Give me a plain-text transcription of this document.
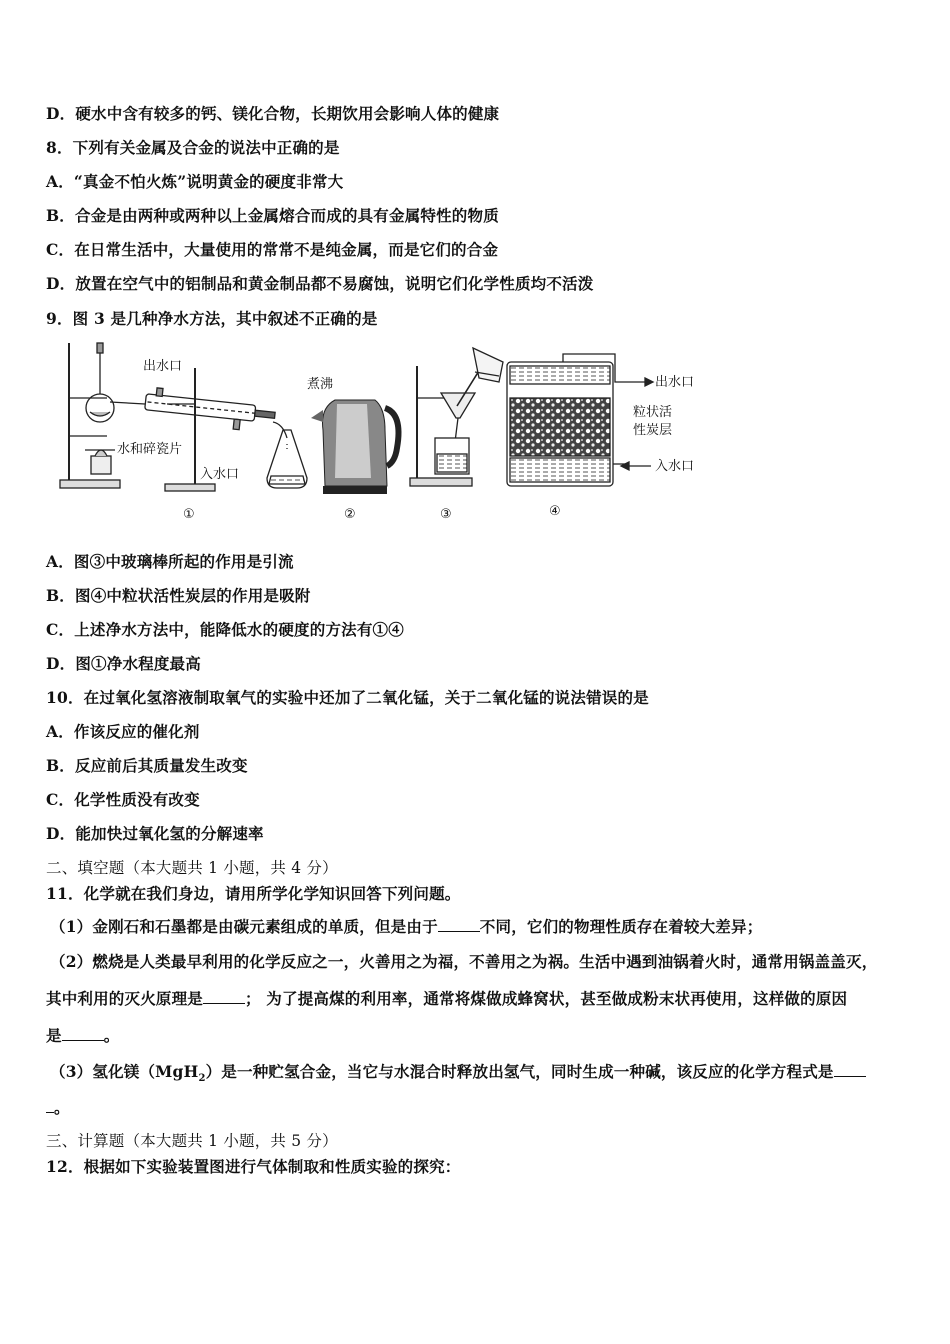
D．硬水中含有较多的钙、镁化合物，长期饮用会影响人体的健康
8．下列有关金属及合金的说法中正确的是
A．“真金不怕火炼”说明黄金的硬度非常大
B．合金是由两种或两种以上金属熔合而成的具有金属特性的物质
C．在日常生活中，大量使用的常常不是纯金属，而是它们的合金
D．放置在空气中的铝制品和黄金制品都不易腐蚀，说明它们化学性质均不活泼
9．图 3 是几种净水方法，其中叙述不正确的是
出水口
水和碎瓷片
入水口
煮沸	出水口
粒状活
性炭层
入水口
①	②	③	④
A．图③中玻璃棒所起的作用是引流
B．图④中粒状活性炭层的作用是吸附
C．上述净水方法中，能降低水的硬度的方法有①④
D．图①净水程度最高
10．在过氧化氢溶液制取氧气的实验中还加了二氧化锰，关于二氧化锰的说法错误的是
A．作该反应的催化剂
B．反应前后其质量发生改变
C．化学性质没有改变
D．能加快过氧化氢的分解速率
二、填空题（本大题共 1 小题，共 4 分）
11．化学就在我们身边，请用所学化学知识回答下列问题。
（1）金刚石和石墨都是由碳元素组成的单质，但是由于	不同，它们的物理性质存在着较大差异；
（2）燃烧是人类最早利用的化学反应之一，火善用之为福，不善用之为祸。生活中遇到油锅着火时，通常用锅盖盖灭，
其中利用的灭火原理是	； 为了提高煤的利用率，通常将煤做成蜂窝状，甚至做成粉末状再使用，这样做的原因
是	。
（3）氢化镁（MgH$_2$）是一种贮氢合金，当它与水混合时释放出氢气，同时生成一种碱，该反应的化学方程式是
。
三、计算题（本大题共 1 小题，共 5 分）
12．根据如下实验装置图进行气体制取和性质实验的探究：
